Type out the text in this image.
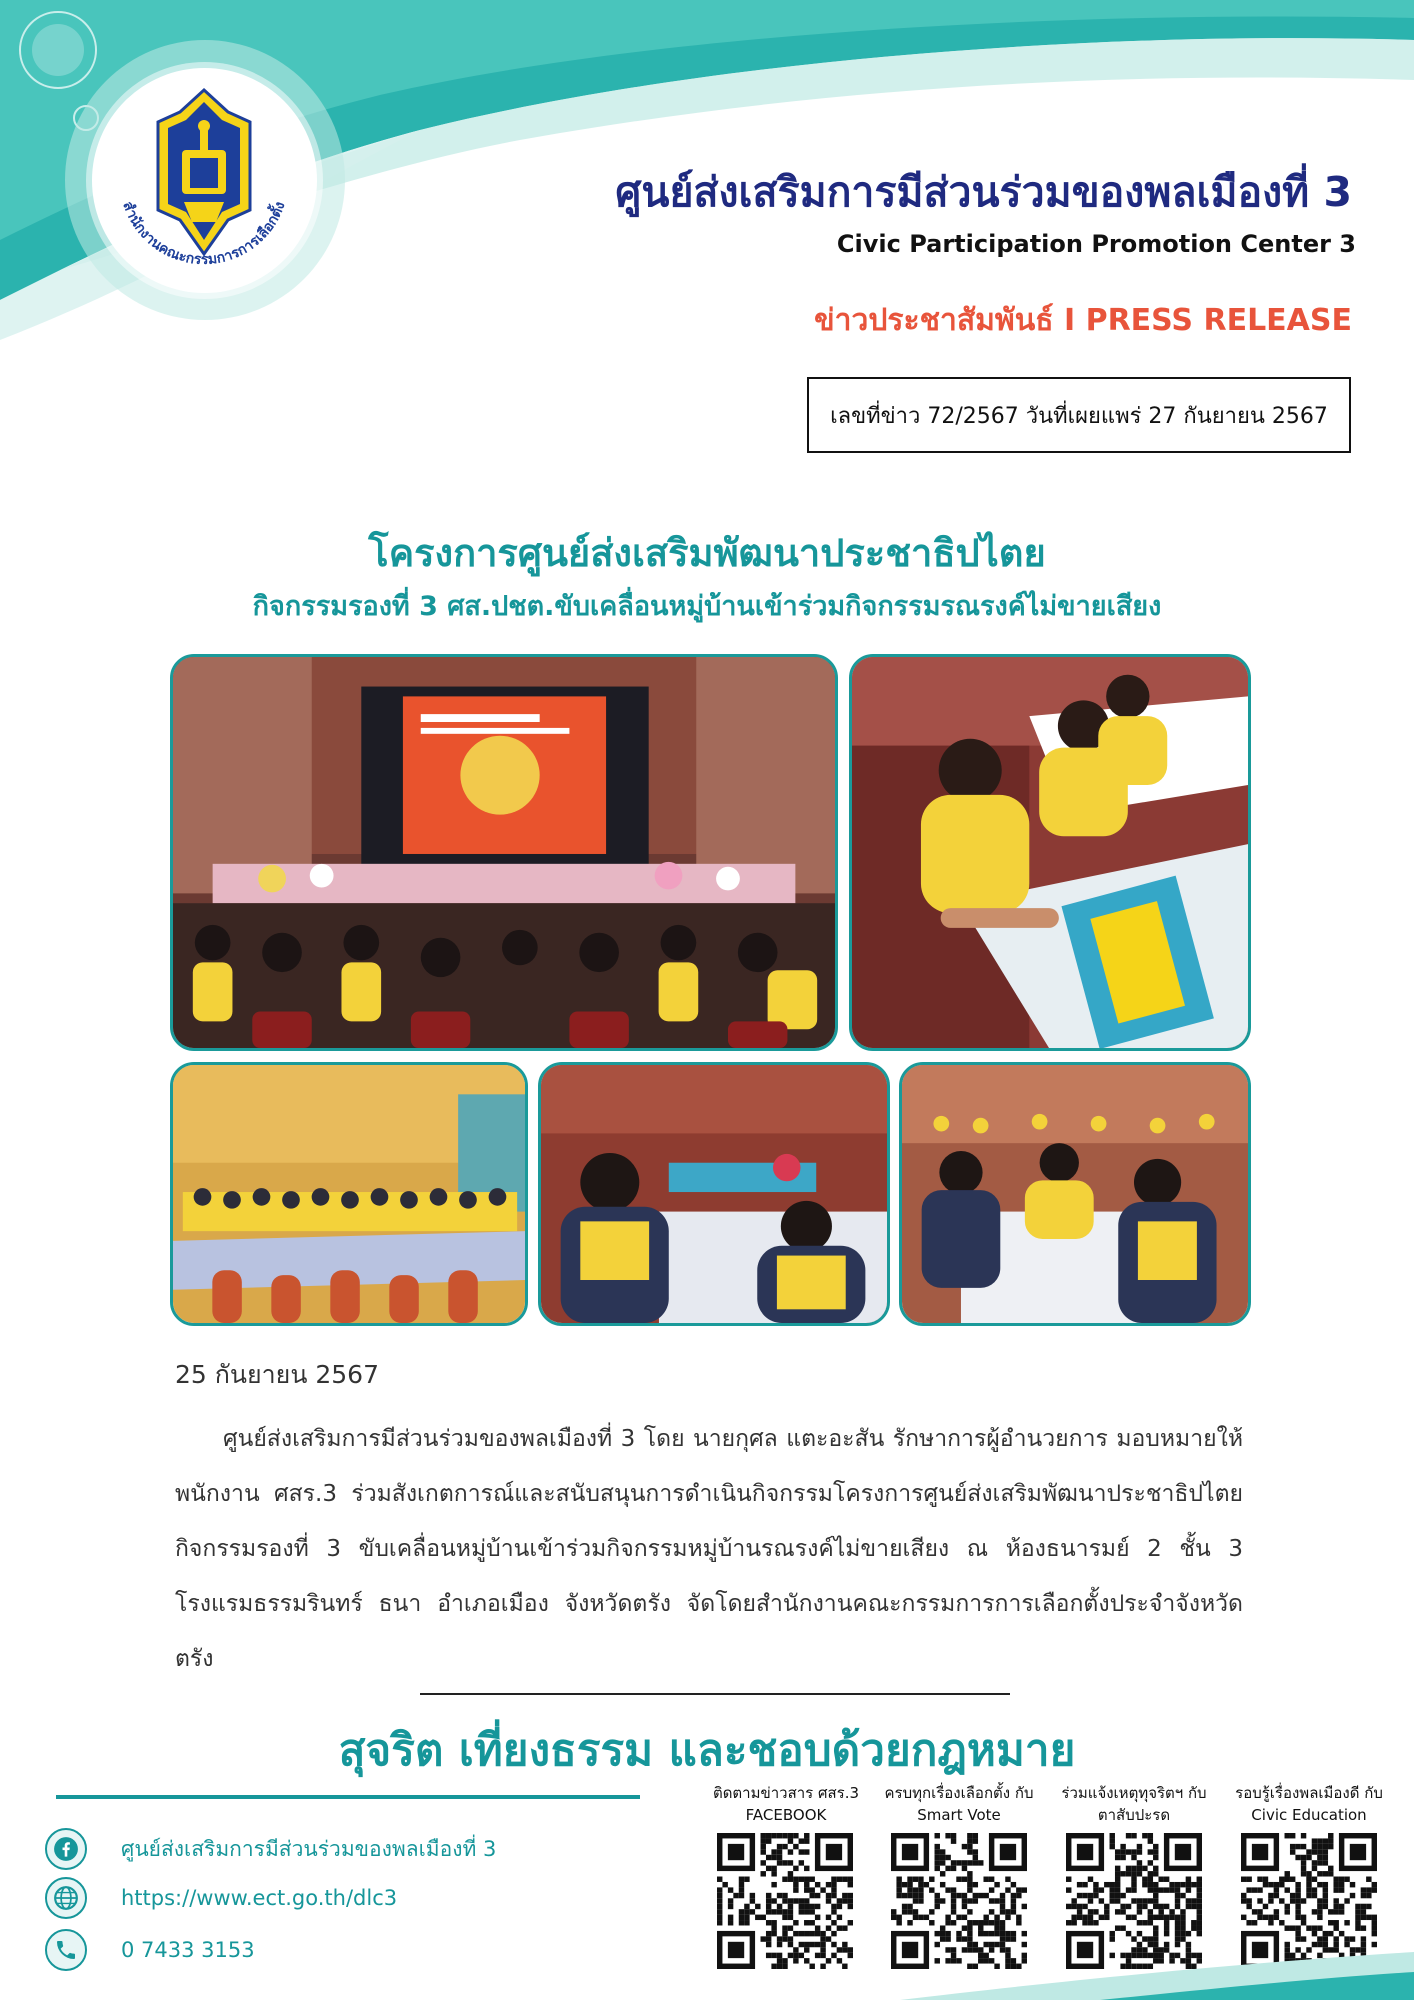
สำนักงานคณะกรรมการการเลือกตั้ง	ศูนย์ส่งเสริมการมีส่วนร่วมของพลเมืองที่ 3
Civic Participation Promotion Center 3
ข่าวประชาสัมพันธ์ I PRESS RELEASE
เลขที่ข่าว 72/2567 วันที่เผยแพร่ 27 กันยายน 2567
โครงการศูนย์ส่งเสริมพัฒนาประชาธิปไตย
กิจกรรมรองที่ 3 ศส.ปชต.ขับเคลื่อนหมู่บ้านเข้าร่วมกิจกรรมรณรงค์ไม่ขายเสียง
25 กันยายน 2567

ศูนย์ส่งเสริมการมีส่วนร่วมของพลเมืองที่ 3 โดย นายกุศล แตะอะสัน รักษาการผู้อำนวยการ มอบหมายให้พนักงาน ศสร.3 ร่วมสังเกตการณ์และสนับสนุนการดำเนินกิจกรรมโครงการศูนย์ส่งเสริมพัฒนาประชาธิปไตย กิจกรรมรองที่ 3 ขับเคลื่อนหมู่บ้านเข้าร่วมกิจกรรมหมู่บ้านรณรงค์ไม่ขายเสียง ณ ห้องธนารมย์ 2 ชั้น 3 โรงแรมธรรมรินทร์ ธนา อำเภอเมือง จังหวัดตรัง จัดโดยสำนักงานคณะกรรมการการเลือกตั้งประจำจังหวัดตรัง

สุจริต เที่ยงธรรม และชอบด้วยกฎหมาย
ศูนย์ส่งเสริมการมีส่วนร่วมของพลเมืองที่ 3
https://www.ect.go.th/dlc3
0 7433 3153
ติดตามข่าวสาร ศสร.3
FACEBOOK
ครบทุกเรื่องเลือกตั้ง กับ
Smart Vote
ร่วมแจ้งเหตุทุจริตฯ กับ
ตาสับปะรด
รอบรู้เรื่องพลเมืองดี กับ
Civic Education
